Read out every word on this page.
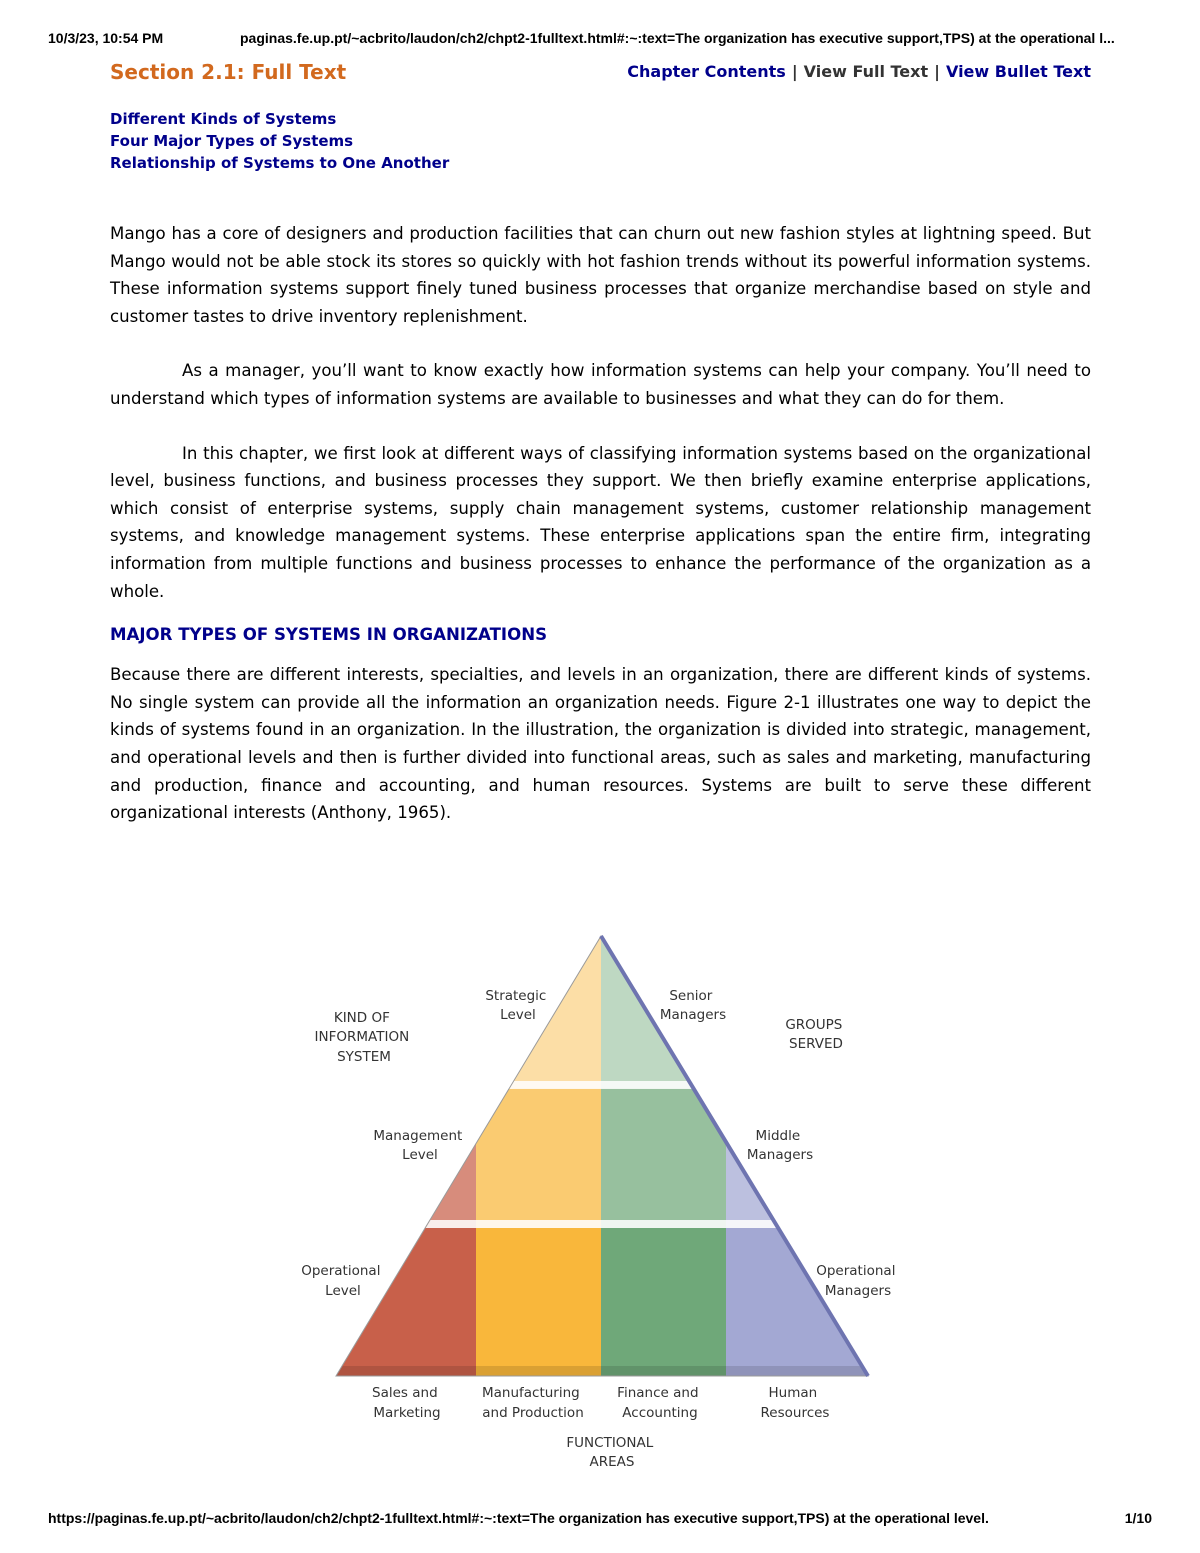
10/3/23, 10:54 PM	paginas.fe.up.pt/~acbrito/laudon/ch2/chpt2-1fulltext.html#:~:text=The organization has executive support,TPS) at the operational l...
Section 2.1: Full Text	Chapter Contents | View Full Text | View Bullet Text
Different Kinds of Systems
Four Major Types of Systems
Relationship of Systems to One Another

Mango has a core of designers and production facilities that can churn out new fashion styles at lightning speed. But Mango would not be able stock its stores so quickly with hot fashion trends without its powerful information systems. These information systems support finely tuned business processes that organize merchandise based on style and customer tastes to drive inventory replenishment.

As a manager, you’ll want to know exactly how information systems can help your company. You’ll need to understand which types of information systems are available to businesses and what they can do for them.

In this chapter, we first look at different ways of classifying information systems based on the organizational level, business functions, and business processes they support. We then briefly examine enterprise applications, which consist of enterprise systems, supply chain management systems, customer relationship management systems, and knowledge management systems. These enterprise applications span the entire firm, integrating information from multiple functions and business processes to enhance the performance of the organization as a whole.

MAJOR TYPES OF SYSTEMS IN ORGANIZATIONS

Because there are different interests, specialties, and levels in an organization, there are different kinds of systems. No single system can provide all the information an organization needs. Figure 2-1 illustrates one way to depict the kinds of systems found in an organization. In the illustration, the organization is divided into strategic, management, and operational levels and then is further divided into functional areas, such as sales and marketing, manufacturing and production, finance and accounting, and human resources. Systems are built to serve these different organizational interests (Anthony, 1965).

KIND OF INFORMATION SYSTEM
Strategic Level
Management Level
Operational Level
GROUPS SERVED
Senior Managers
Middle Managers
Operational Managers
Sales and Marketing
Manufacturing and Production
Finance and Accounting
Human Resources
FUNCTIONAL AREAS
https://paginas.fe.up.pt/~acbrito/laudon/ch2/chpt2-1fulltext.html#:~:text=The organization has executive support,TPS) at the operational level.	1/10
